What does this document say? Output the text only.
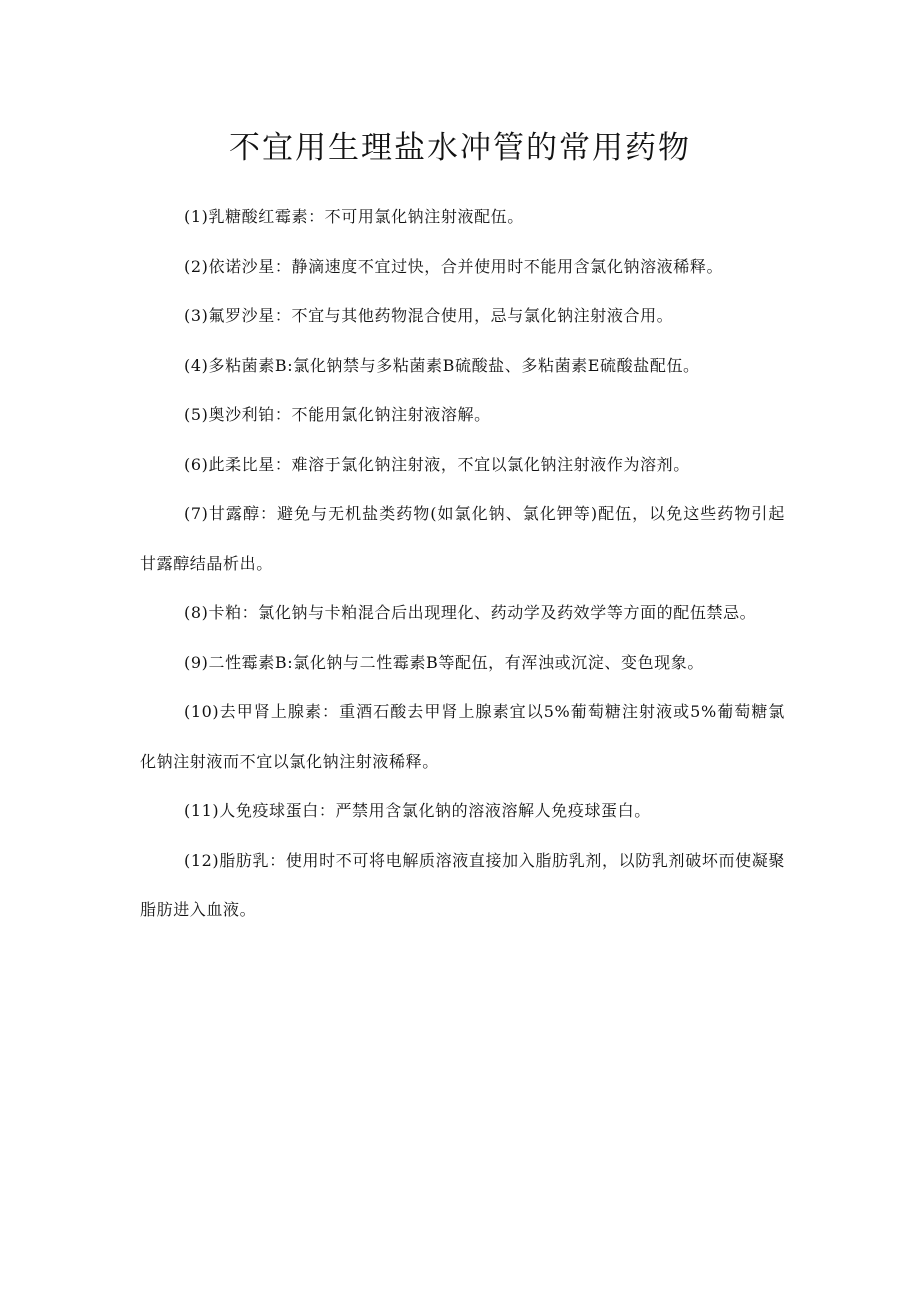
不宜用生理盐水冲管的常用药物

(1)乳糖酸红霉素：不可用氯化钠注射液配伍。

(2)依诺沙星：静滴速度不宜过快，合并使用时不能用含氯化钠溶液稀释。

(3)氟罗沙星：不宜与其他药物混合使用，忌与氯化钠注射液合用。

(4)多粘菌素B:氯化钠禁与多粘菌素B硫酸盐、多粘菌素E硫酸盐配伍。

(5)奥沙利铂：不能用氯化钠注射液溶解。

(6)此柔比星：难溶于氯化钠注射液，不宜以氯化钠注射液作为溶剂。

(7)甘露醇：避免与无机盐类药物(如氯化钠、氯化钾等)配伍，以免这些药物引起甘露醇结晶析出。

(8)卡粕：氯化钠与卡粕混合后出现理化、药动学及药效学等方面的配伍禁忌。

(9)二性霉素B:氯化钠与二性霉素B等配伍，有浑浊或沉淀、变色现象。

(10)去甲肾上腺素：重酒石酸去甲肾上腺素宜以5%葡萄糖注射液或5%葡萄糖氯化钠注射液而不宜以氯化钠注射液稀释。

(11)人免疫球蛋白：严禁用含氯化钠的溶液溶解人免疫球蛋白。

(12)脂肪乳：使用时不可将电解质溶液直接加入脂肪乳剂，以防乳剂破坏而使凝聚脂肪进入血液。
